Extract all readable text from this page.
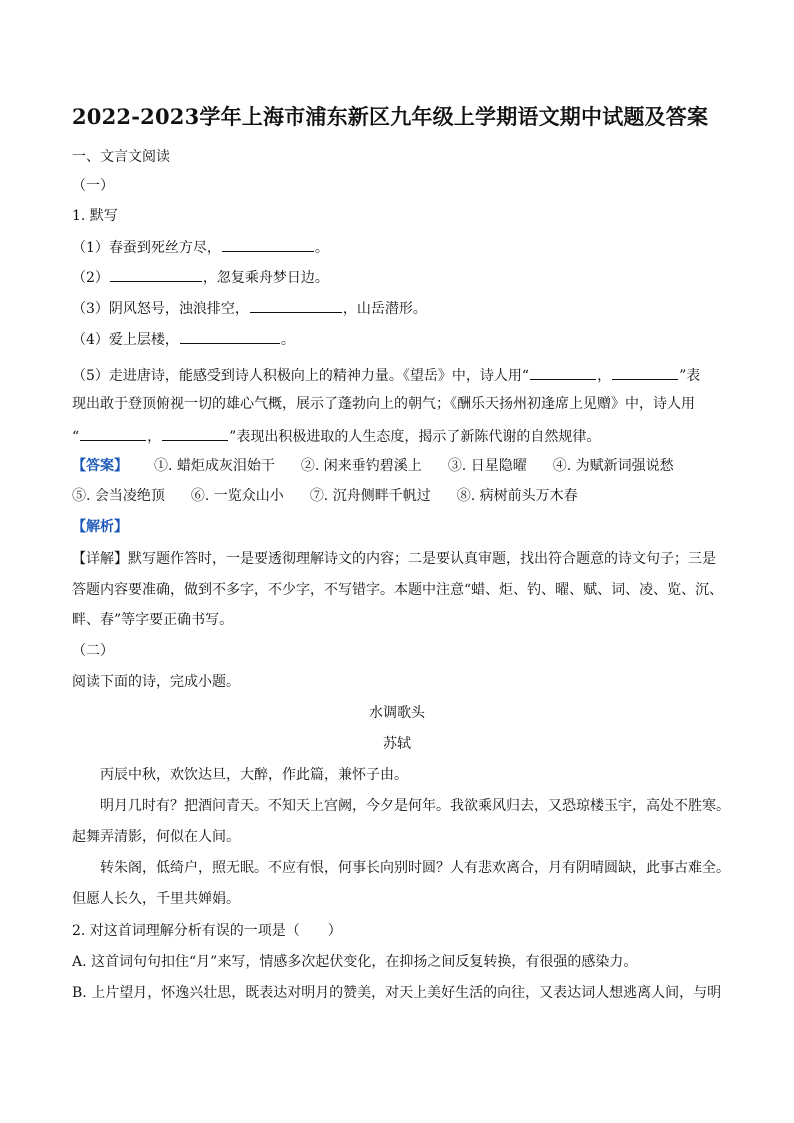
2022-2023学年上海市浦东新区九年级上学期语文期中试题及答案
一、文言文阅读
（一）
1. 默写
（1）春蚕到死丝方尽，	。
（2）	，忽复乘舟梦日边。
（3）阴风怒号，浊浪排空，	，山岳潜形。
（4）爱上层楼，	。
（5）走进唐诗，能感受到诗人积极向上的精神力量。《望岳》中，诗人用“	，	”表
现出敢于登顶俯视一切的雄心气概，展示了蓬勃向上的朝气；《酬乐天扬州初逢席上见赠》中，诗人用
“	，	”表现出积极进取的人生态度，揭示了新陈代谢的自然规律。
【答案】 ①. 蜡炬成灰泪始干 ②. 闲来垂钓碧溪上 ③. 日星隐曜 ④. 为赋新词强说愁
⑤. 会当凌绝顶 ⑥. 一览众山小 ⑦. 沉舟侧畔千帆过 ⑧. 病树前头万木春
【解析】
【详解】默写题作答时，一是要透彻理解诗文的内容；二是要认真审题，找出符合题意的诗文句子；三是
答题内容要准确，做到不多字，不少字，不写错字。本题中注意“蜡、炬、钓、曜、赋、词、凌、览、沉、
畔、春”等字要正确书写。
（二）
阅读下面的诗，完成小题。
水调歌头
苏轼
丙辰中秋，欢饮达旦，大醉，作此篇，兼怀子由。
明月几时有？把酒问青天。不知天上宫阙，今夕是何年。我欲乘风归去，又恐琼楼玉宇，高处不胜寒。
起舞弄清影，何似在人间。
转朱阁，低绮户，照无眠。不应有恨，何事长向别时圆？人有悲欢离合，月有阴晴圆缺，此事古难全。
但愿人长久，千里共婵娟。
2. 对这首词理解分析有误的一项是（　　）
A. 这首词句句扣住“月”来写，情感多次起伏变化，在抑扬之间反复转换，有很强的感染力。
B. 上片望月，怀逸兴壮思，既表达对明月的赞美，对天上美好生活的向往，又表达词人想逃离人间，与明
